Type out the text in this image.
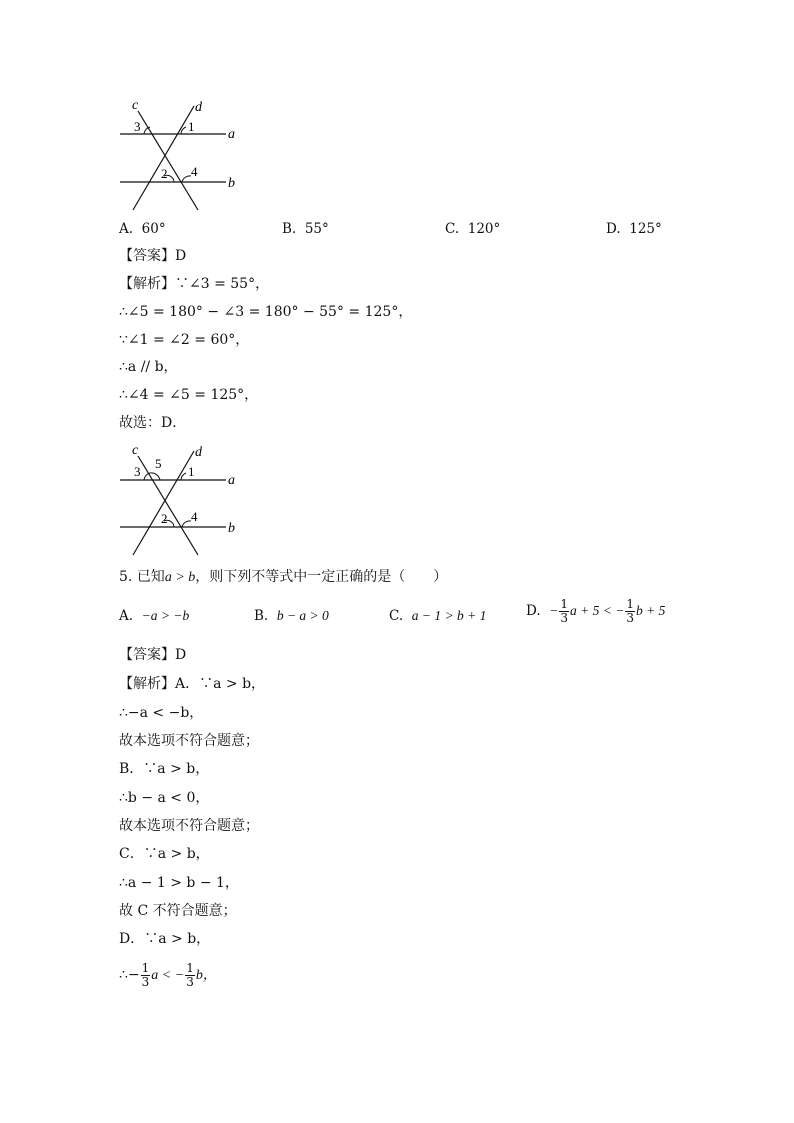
c	d
3	1
a
2 4
b
A. 60°	B. 55°	C. 120°	D. 125°
【答案】D
【解析】∵∠3 = 55°，
∴∠5 = 180° − ∠3 = 180° − 55° = 125°，
∵∠1 = ∠2 = 60°，
∴a // b，
∴∠4 = ∠5 = 125°，
故选：D．
c	d
3
5
1
a
2 4
b
5. 已知a > b，则下列不等式中一定正确的是（　　）
A. −a > −b	B. b − a > 0	C. a − 1 > b + 1	D. − $\frac{1}{3}$ a + 5 < − $\frac{1}{3}$ b + 5
【答案】D
【解析】A．∵a > b，
∴−a < −b，
故本选项不符合题意；
B．∵a > b，
∴b − a < 0，
故本选项不符合题意；
C．∵a > b，
∴a − 1 > b − 1，
故 C 不符合题意；
D．∵a > b，
∴− $\frac{1}{3}$ a < − $\frac{1}{3}$ b，
